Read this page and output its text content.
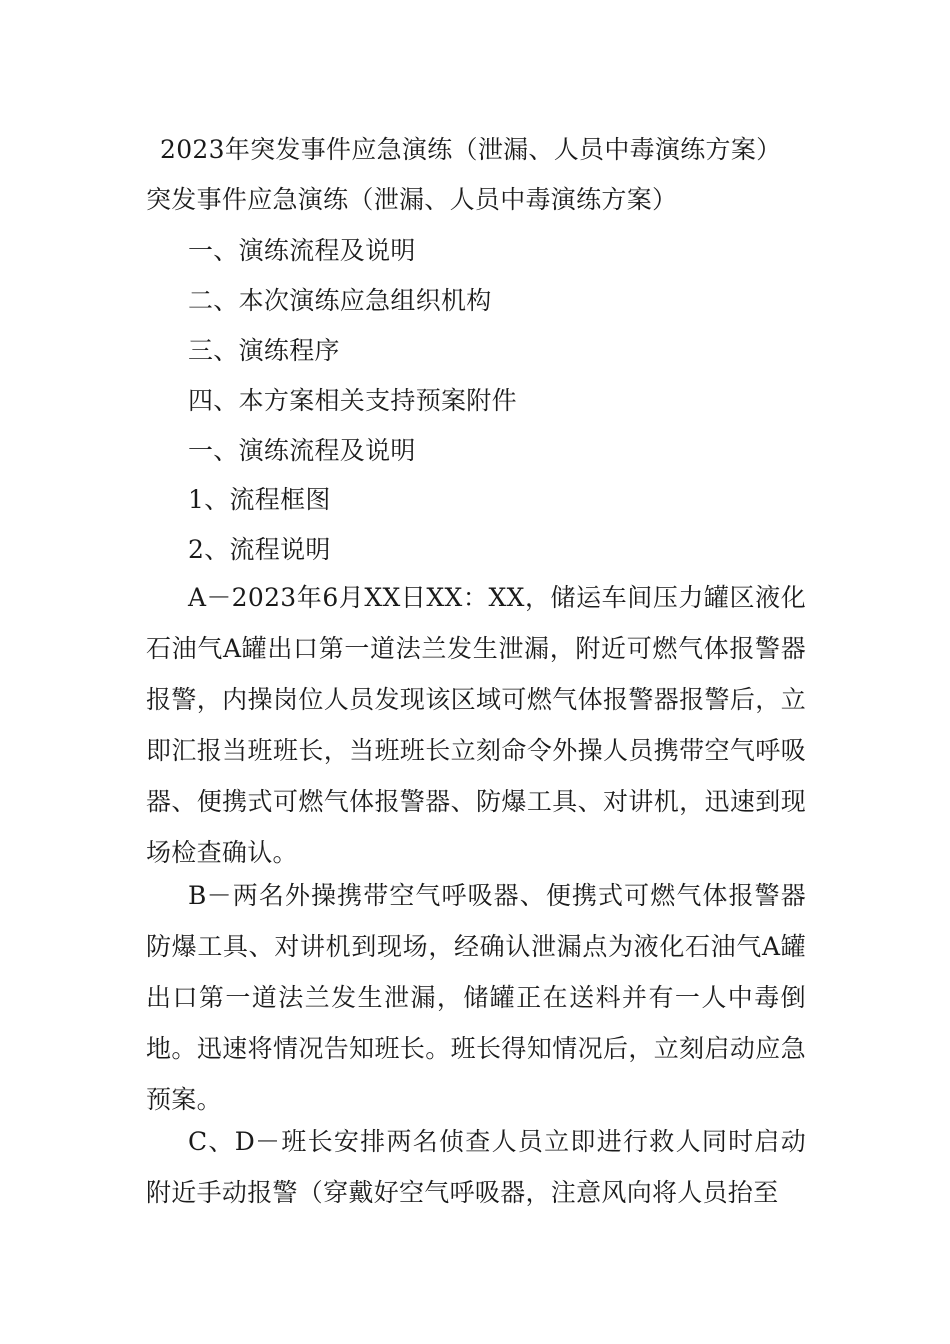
2023年突发事件应急演练（泄漏、人员中毒演练方案）
突发事件应急演练（泄漏、人员中毒演练方案）
一、演练流程及说明
二、本次演练应急组织机构
三、演练程序
四、本方案相关支持预案附件
一、演练流程及说明
1、流程框图
2、流程说明
A－2023年6月XX日XX：XX，储运车间压力罐区液化石油气A罐出口第一道法兰发生泄漏，附近可燃气体报警器报警，内操岗位人员发现该区域可燃气体报警器报警后，立即汇报当班班长，当班班长立刻命令外操人员携带空气呼吸器、便携式可燃气体报警器、防爆工具、对讲机，迅速到现场检查确认。
B－两名外操携带空气呼吸器、便携式可燃气体报警器防爆工具、对讲机到现场，经确认泄漏点为液化石油气A罐出口第一道法兰发生泄漏，储罐正在送料并有一人中毒倒地。迅速将情况告知班长。班长得知情况后，立刻启动应急预案。
C、D－班长安排两名侦查人员立即进行救人同时启动附近手动报警（穿戴好空气呼吸器，注意风向将人员抬至
